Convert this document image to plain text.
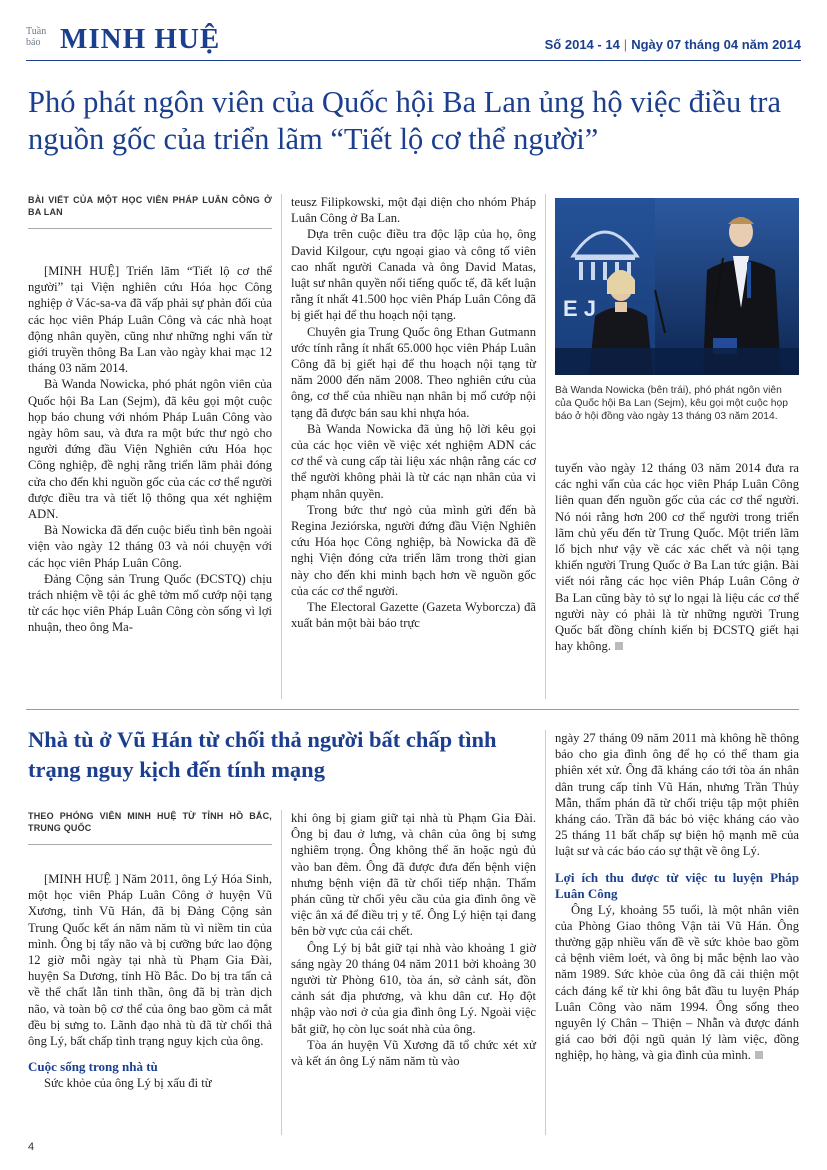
Tuần báo MINH HUỆ	Số 2014 - 14 | Ngày 07 tháng 04 năm 2014
Phó phát ngôn viên của Quốc hội Ba Lan ủng hộ việc điều tra nguồn gốc của triển lãm “Tiết lộ cơ thể người”
BÀI VIẾT CỦA MỘT HỌC VIÊN PHÁP LUÂN CÔNG Ở BA LAN

[MINH HUỆ] Triển lãm “Tiết lộ cơ thể người” tại Viện nghiên cứu Hóa học Công nghiệp ở Vác-sa-va đã vấp phải sự phản đối của các học viên Pháp Luân Công và các nhà hoạt động nhân quyền, cũng như những nghi vấn từ giới truyền thông Ba Lan vào ngày khai mạc 12 tháng 03 năm 2014.

Bà Wanda Nowicka, phó phát ngôn viên của Quốc hội Ba Lan (Sejm), đã kêu gọi một cuộc họp báo chung với nhóm Pháp Luân Công vào ngày hôm sau, và đưa ra một bức thư ngỏ cho người đứng đầu Viện Nghiên cứu Hóa học Công nghiệp, đề nghị rằng triển lãm phải đóng cửa cho đến khi nguồn gốc của các cơ thể người được điều tra và tiết lộ thông qua xét nghiệm ADN.

Bà Nowicka đã đến cuộc biểu tình bên ngoài viện vào ngày 12 tháng 03 và nói chuyện với các học viên Pháp Luân Công.

Đảng Cộng sản Trung Quốc (ĐCSTQ) chịu trách nhiệm về tội ác ghê tởm mổ cướp nội tạng từ các học viên Pháp Luân Công còn sống vì lợi nhuận, theo ông Ma-

teusz Filipkowski, một đại diện cho nhóm Pháp Luân Công ở Ba Lan.

Dựa trên cuộc điều tra độc lập của họ, ông David Kilgour, cựu ngoại giao và công tố viên cao nhất người Canada và ông David Matas, luật sư nhân quyền nổi tiếng quốc tế, đã kết luận rằng ít nhất 41.500 học viên Pháp Luân Công đã bị giết hại để thu hoạch nội tạng.

Chuyên gia Trung Quốc ông Ethan Gutmann ước tính rằng ít nhất 65.000 học viên Pháp Luân Công đã bị giết hại để thu hoạch nội tạng từ năm 2000 đến năm 2008. Theo nghiên cứu của ông, cơ thể của nhiều nạn nhân bị mổ cướp nội tạng đã được bán sau khi nhựa hóa.

Bà Wanda Nowicka đã ủng hộ lời kêu gọi của các học viên về việc xét nghiệm ADN các cơ thể và cung cấp tài liệu xác nhận rằng các cơ thể người không phải là từ các nạn nhân của vi phạm nhân quyền.

Trong bức thư ngỏ của mình gửi đến bà Regina Jeziórska, người đứng đầu Viện Nghiên cứu Hóa học Công nghiệp, bà Nowicka đã đề nghị Viện đóng cửa triển lãm trong thời gian này cho đến khi minh bạch hơn về nguồn gốc của các cơ thể người.

The Electoral Gazette (Gazeta Wyborcza) đã xuất bản một bài báo trực

E J
Bà Wanda Nowicka (bên trái), phó phát ngôn viên của Quốc hội Ba Lan (Sejm), kêu gọi một cuộc họp báo ở hội đồng vào ngày 13 tháng 03 năm 2014.

tuyến vào ngày 12 tháng 03 năm 2014 đưa ra các nghi vấn của các học viên Pháp Luân Công liên quan đến nguồn gốc của các cơ thể người. Nó nói rằng hơn 200 cơ thể người trong triển lãm chủ yếu đến từ Trung Quốc. Một triển lãm lố bịch như vậy về các xác chết và nội tạng khiến người Trung Quốc ở Ba Lan tức giận. Bài viết nói rằng các học viên Pháp Luân Công ở Ba Lan cũng bày tỏ sự lo ngại là liệu các cơ thể người này có phải là từ những người Trung Quốc bất đồng chính kiến bị ĐCSTQ giết hại hay không.

Nhà tù ở Vũ Hán từ chối thả người bất chấp tình trạng nguy kịch đến tính mạng
THEO PHÓNG VIÊN MINH HUỆ TỪ TỈNH HỒ BẮC, TRUNG QUỐC

[MINH HUỆ ] Năm 2011, ông Lý Hóa Sinh, một học viên Pháp Luân Công ở huyện Vũ Xương, tỉnh Vũ Hán, đã bị Đảng Cộng sản Trung Quốc kết án năm năm tù vì niềm tin của mình. Ông bị tẩy não và bị cưỡng bức lao động 12 giờ mỗi ngày tại nhà tù Phạm Gia Đài, huyện Sa Dương, tỉnh Hồ Bắc. Do bị tra tấn cả về thể chất lẫn tinh thần, ông đã bị tràn dịch não, và toàn bộ cơ thể của ông bao gồm cả mắt đều bị sưng to. Lãnh đạo nhà tù đã từ chối thả ông Lý, bất chấp tình trạng nguy kịch của ông.

Cuộc sống trong nhà tù

Sức khỏe của ông Lý bị xấu đi từ

khi ông bị giam giữ tại nhà tù Phạm Gia Đài. Ông bị đau ở lưng, và chân của ông bị sưng nghiêm trọng. Ông không thể ăn hoặc ngủ đủ vào ban đêm. Ông đã được đưa đến bệnh viện nhưng bệnh viện đã từ chối tiếp nhận. Thẩm phán cũng từ chối yêu cầu của gia đình ông về việc ân xá để điều trị y tế. Ông Lý hiện tại đang bên bờ vực của cái chết.

Ông Lý bị bắt giữ tại nhà vào khoảng 1 giờ sáng ngày 20 tháng 04 năm 2011 bởi khoảng 30 người từ Phòng 610, tòa án, sở cảnh sát, đồn cảnh sát địa phương, và khu dân cư. Họ đột nhập vào nơi ở của gia đình ông Lý. Ngoài việc bắt giữ, họ còn lục soát nhà của ông.

Tòa án huyện Vũ Xương đã tổ chức xét xử và kết án ông Lý năm năm tù vào

ngày 27 tháng 09 năm 2011 mà không hề thông báo cho gia đình ông để họ có thể tham gia phiên xét xử. Ông đã kháng cáo tới tòa án nhân dân trung cấp tỉnh Vũ Hán, nhưng Trần Thủy Mẫn, thẩm phán đã từ chối triệu tập một phiên kháng cáo. Trần đã bác bỏ việc kháng cáo vào 25 tháng 11 bất chấp sự biện hộ mạnh mẽ của luật sư và các báo cáo sự thật về ông Lý.

Lợi ích thu được từ việc tu luyện Pháp Luân Công

Ông Lý, khoảng 55 tuổi, là một nhân viên của Phòng Giao thông Vận tải Vũ Hán. Ông thường gặp nhiều vấn đề về sức khỏe bao gồm cả bệnh viêm loét, và ông bị mắc bệnh lao vào năm 1989. Sức khỏe của ông đã cải thiện một cách đáng kể từ khi ông bắt đầu tu luyện Pháp Luân Công vào năm 1994. Ông sống theo nguyên lý Chân – Thiện – Nhẫn và được đánh giá cao bởi đội ngũ quản lý làm việc, đồng nghiệp, họ hàng, và gia đình của mình.

4
